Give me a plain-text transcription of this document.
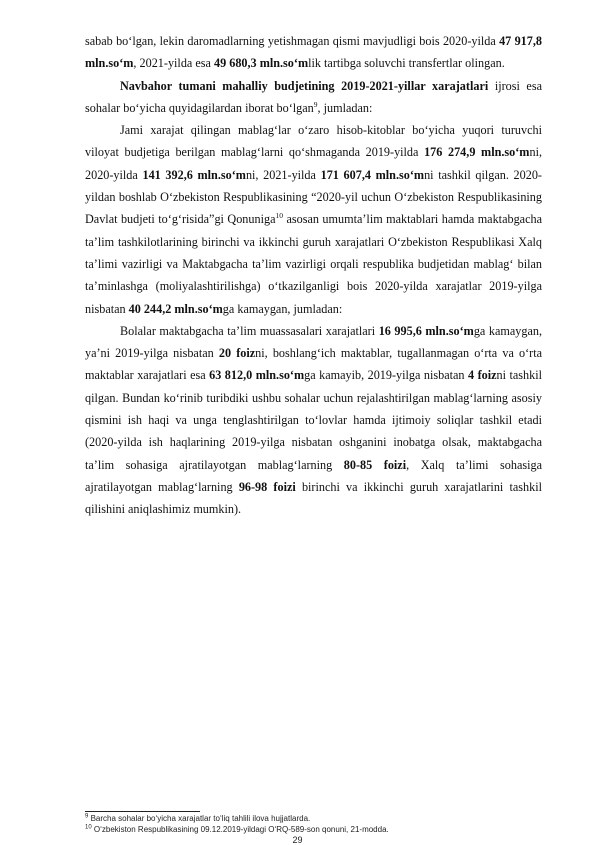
sabab bo‘lgan, lekin daromadlarning yetishmagan qismi mavjudligi bois 2020-yilda 47 917,8 mln.so‘m, 2021-yilda esa 49 680,3 mln.so‘mlik tartibga soluvchi transfertlar olingan.

Navbahor tumani mahalliy budjetining 2019-2021-yillar xarajatlari ijrosi esa sohalar bo‘yicha quyidagilardan iborat bo‘lgan$^9$, jumladan:

Jami xarajat qilingan mablag‘lar o‘zaro hisob-kitoblar bo‘yicha yuqori turuvchi viloyat budjetiga berilgan mablag‘larni qo‘shmaganda 2019-yilda 176 274,9 mln.so‘mni, 2020-yilda 141 392,6 mln.so‘mni, 2021-yilda 171 607,4 mln.so‘mni tashkil qilgan. 2020-yildan boshlab O‘zbekiston Respublikasining “2020-yil uchun O‘zbekiston Respublikasining Davlat budjeti to‘g‘risida”gi Qonuniga$^{10}$ asosan umumta’lim maktablari hamda maktabgacha ta’lim tashkilotlarining birinchi va ikkinchi guruh xarajatlari O‘zbekiston Respublikasi Xalq ta’limi vazirligi va Maktabgacha ta’lim vazirligi orqali respublika budjetidan mablag‘ bilan ta’minlashga (moliyalashtirilishga) o‘tkazilganligi bois 2020-yilda xarajatlar 2019-yilga nisbatan 40 244,2 mln.so‘mga kamaygan, jumladan:

Bolalar maktabgacha ta’lim muassasalari xarajatlari 16 995,6 mln.so‘mga kamaygan, ya’ni 2019-yilga nisbatan 20 foizni, boshlang‘ich maktablar, tugallanmagan o‘rta va o‘rta maktablar xarajatlari esa 63 812,0 mln.so‘mga kamayib, 2019-yilga nisbatan 4 foizni tashkil qilgan. Bundan ko‘rinib turibdiki ushbu sohalar uchun rejalashtirilgan mablag‘larning asosiy qismini ish haqi va unga tenglashtirilgan to‘lovlar hamda ijtimoiy soliqlar tashkil etadi (2020-yilda ish haqlarining 2019-yilga nisbatan oshganini inobatga olsak, maktabgacha ta’lim sohasiga ajratilayotgan mablag‘larning 80-85 foizi, Xalq ta’limi sohasiga ajratilayotgan mablag‘larning 96-98 foizi birinchi va ikkinchi guruh xarajatlarini tashkil qilishini aniqlashimiz mumkin).

$^9$ Barcha sohalar bo‘yicha xarajatlar to‘liq tahlili ilova hujjatlarda.
$^{10}$ O‘zbekiston Respublikasining 09.12.2019-yildagi O‘RQ-589-son qonuni, 21-modda.
29
